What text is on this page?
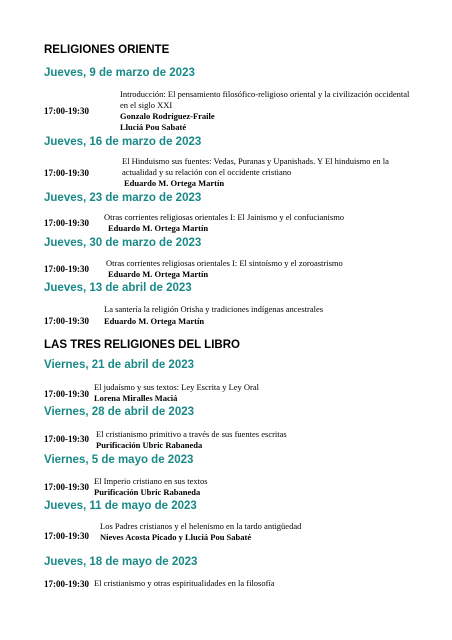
RELIGIONES ORIENTE
Jueves, 9 de marzo de 2023
17:00-19:30
Introducción: El pensamiento filosófico-religioso oriental y la civilización occidental en el siglo XXI
Gonzalo Rodríguez-Fraile
Lluciá Pou Sabaté
Jueves, 16 de marzo de 2023
17:00-19:30
El Hinduismo sus fuentes: Vedas, Puranas y Upanishads. Y El hinduismo en la actualidad y su relación con el occidente cristiano
Eduardo M. Ortega Martín
Jueves, 23 de marzo de 2023
17:00-19:30
Otras corrientes religiosas orientales I: El Jainismo y el confucianismo
Eduardo M. Ortega Martín
Jueves, 30 de marzo de 2023
17:00-19:30
Otras corrientes religiosas orientales I: El sintoísmo y el zoroastrismo
Eduardo M. Ortega Martín
Jueves, 13 de abril de 2023
17:00-19:30
La santería la religión Orisha y tradiciones indígenas ancestrales
Eduardo M. Ortega Martín
LAS TRES RELIGIONES DEL LIBRO
Viernes, 21 de abril de 2023
17:00-19:30
El judaísmo y sus textos: Ley Escrita y Ley Oral
Lorena Miralles Maciá
Viernes, 28 de abril de 2023
17:00-19:30 El cristianismo primitivo a través de sus fuentes escritas
Purificación Ubric Rabaneda
Viernes, 5 de mayo de 2023
17:00-19:30
El Imperio cristiano en sus textos
Purificación Ubric Rabaneda
Jueves, 11 de mayo de 2023
17:00-19:30
Los Padres cristianos y el helenismo en la tardo antigüedad
Nieves Acosta Picado y Lluciá Pou Sabaté
Jueves, 18 de mayo de 2023
17:00-19:30 El cristianismo y otras espiritualidades en la filosofía
